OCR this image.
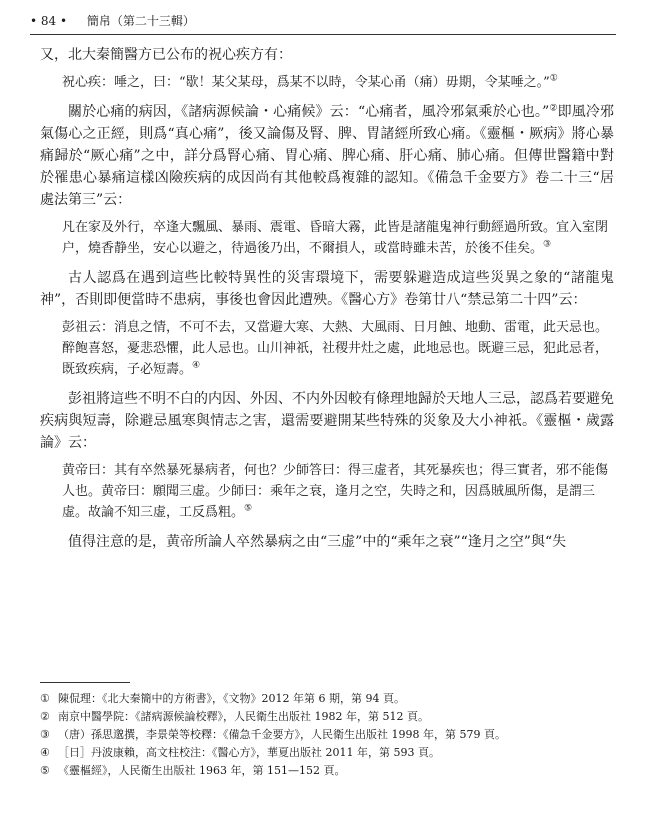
• 84 • 簡帛（第二十三輯）

又，北大秦簡醫方已公布的祝心疾方有：

祝心疾：唾之，曰：“歇！某父某母，爲某不以時，令某心甬（痛）毋期，令某唾之。”①

關於心痛的病因，《諸病源候論・心痛候》云：“心痛者，風冷邪氣乘於心也。”②即風冷邪氣傷心之正經，則爲“真心痛”，後又論傷及腎、脾、胃諸經所致心痛。《靈樞・厥病》將心暴痛歸於“厥心痛”之中，詳分爲腎心痛、胃心痛、脾心痛、肝心痛、肺心痛。但傳世醫籍中對於罹患心暴痛這樣凶險疾病的成因尚有其他較爲複雜的認知。《備急千金要方》卷二十三“居處法第三”云：

凡在家及外行，卒逢大飄風、暴雨、震電、昏暗大霧，此皆是諸龍鬼神行動經過所致。宜入室閉户，燒香静坐，安心以避之，待過後乃出，不爾損人，或當時雖未苦，於後不佳矣。③

古人認爲在遇到這些比較特異性的災害環境下，需要躲避造成這些災異之象的“諸龍鬼神”，否則即便當時不患病，事後也會因此遭殃。《醫心方》卷第廿八“禁忌第二十四”云：

彭祖云：消息之情，不可不去，又當避大寒、大熱、大風雨、日月蝕、地動、雷電，此天忌也。醉飽喜怒，憂悲恐懼，此人忌也。山川神祇，社稷井灶之處，此地忌也。既避三忌，犯此忌者，既致疾病，子必短壽。④

彭祖將這些不明不白的内因、外因、不内外因較有條理地歸於天地人三忌，認爲若要避免疾病與短壽，除避忌風寒與情志之害，還需要避開某些特殊的災象及大小神祇。《靈樞・歲露論》云：

黄帝曰：其有卒然暴死暴病者，何也？少師答曰：得三虚者，其死暴疾也；得三實者，邪不能傷人也。黄帝曰：願聞三虚。少師曰：乘年之衰，逢月之空，失時之和，因爲賊風所傷，是謂三虚。故論不知三虚，工反爲粗。⑤

值得注意的是，黄帝所論人卒然暴病之由“三虚”中的“乘年之衰”“逢月之空”與“失

① 陳侃理：《北大秦簡中的方術書》，《文物》2012 年第 6 期，第 94 頁。

② 南京中醫學院：《諸病源候論校釋》，人民衛生出版社 1982 年，第 512 頁。

③ （唐）孫思邈撰，李景榮等校釋：《備急千金要方》，人民衛生出版社 1998 年，第 579 頁。

④ ［日］丹波康賴，高文柱校注：《醫心方》，華夏出版社 2011 年，第 593 頁。

⑤ 《靈樞經》，人民衛生出版社 1963 年，第 151—152 頁。
